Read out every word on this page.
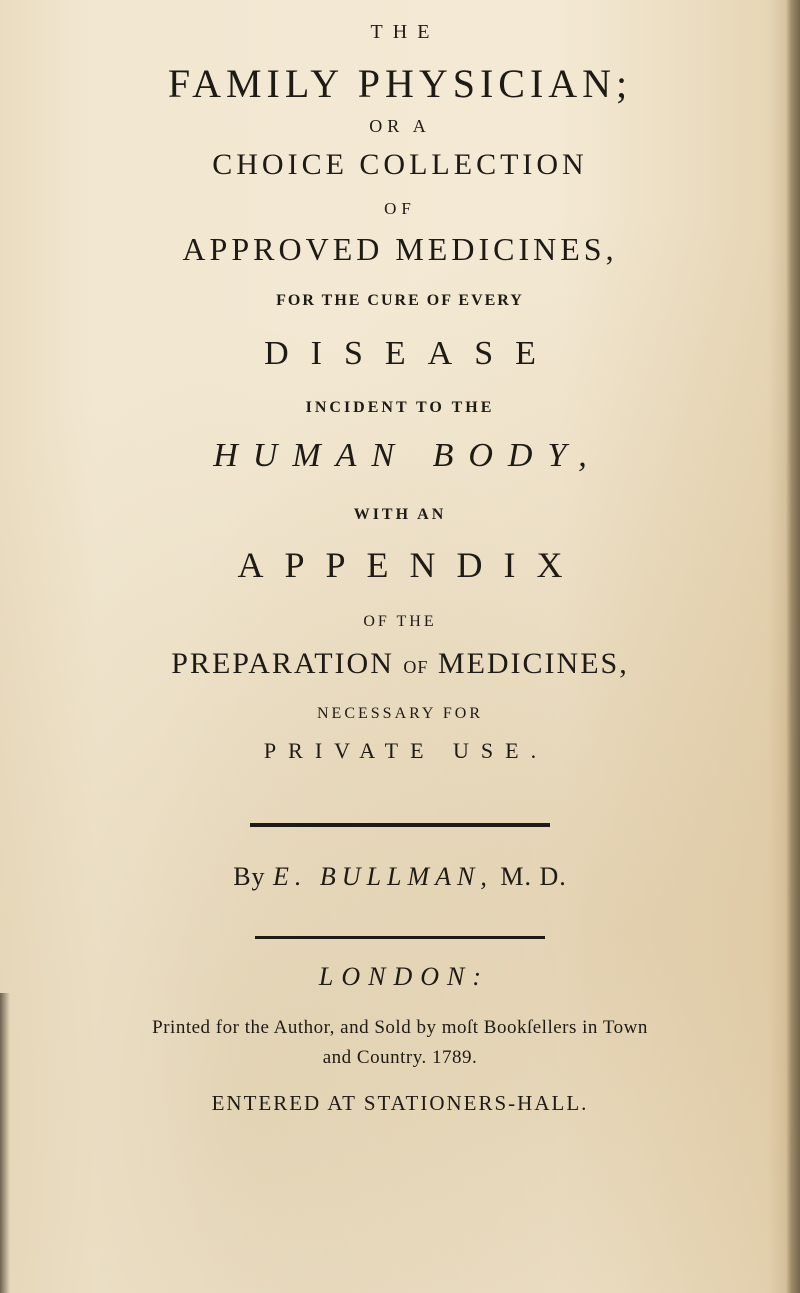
THE
FAMILY PHYSICIAN;
OR A
CHOICE COLLECTION
OF
APPROVED MEDICINES,
FOR THE CURE OF EVERY
DISEASE
INCIDENT TO THE
HUMAN BODY,
WITH AN
APPENDIX
OF THE
PREPARATION OF MEDICINES,
NECESSARY FOR
PRIVATE USE.
By E. BULLMAN, M. D.
LONDON:
Printed for the Author, and Sold by moſt Bookſellers in Town
and Country. 1789.
ENTERED AT STATIONERS-HALL.
